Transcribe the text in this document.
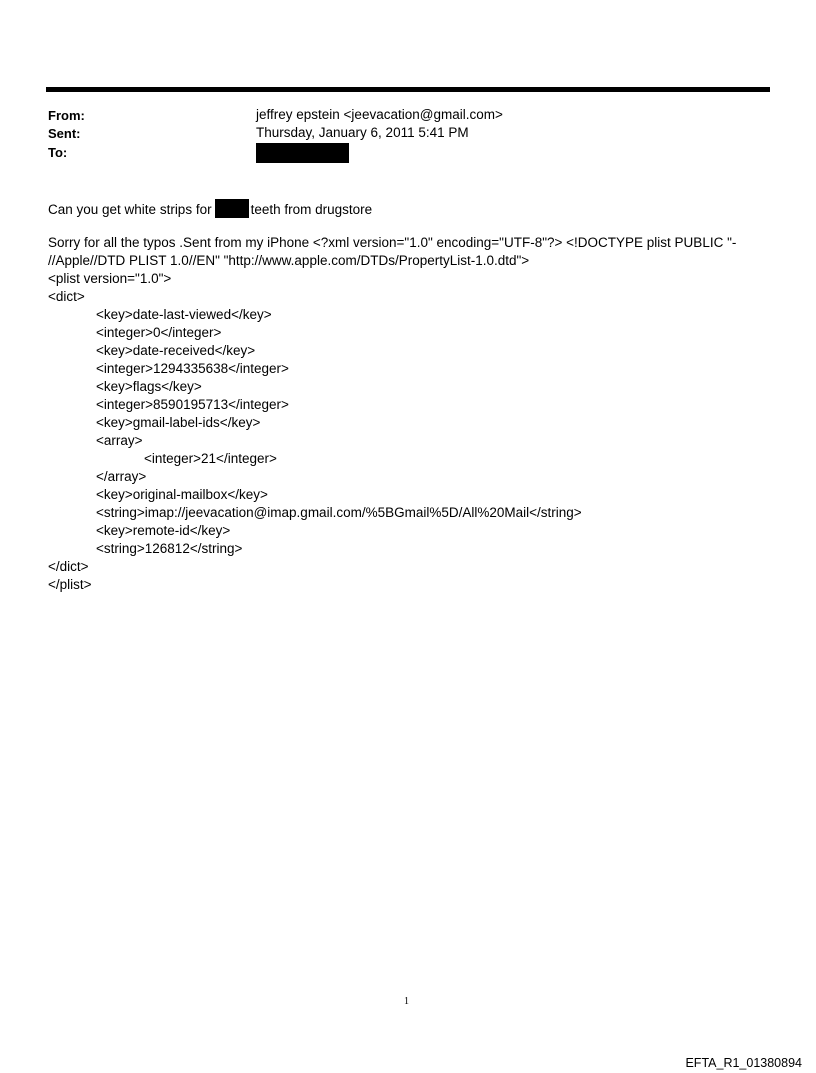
From:	jeffrey epstein <jeevacation@gmail.com>
Sent:	Thursday, January 6, 2011 5:41 PM
To:
Can you get white strips for	teeth from drugstore
Sorry for all the typos .Sent from my iPhone <?xml version="1.0" encoding="UTF-8"?> <!DOCTYPE plist PUBLIC "-
//Apple//DTD PLIST 1.0//EN" "http://www.apple.com/DTDs/PropertyList-1.0.dtd">
<plist version="1.0">
<dict>
<key>date-last-viewed</key>
<integer>0</integer>
<key>date-received</key>
<integer>1294335638</integer>
<key>flags</key>
<integer>8590195713</integer>
<key>gmail-label-ids</key>
<array>
<integer>21</integer>
</array>
<key>original-mailbox</key>
<string>imap://jeevacation@imap.gmail.com/%5BGmail%5D/All%20Mail</string>
<key>remote-id</key>
<string>126812</string>
</dict>
</plist>
1
EFTA_R1_01380894
